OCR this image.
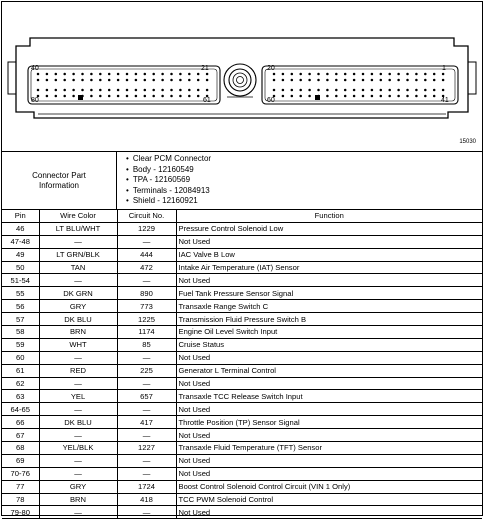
40	21
80	61
20	1
60	41
15030
Connector Part
Information
• Clear PCM Connector
• Body - 12160549
• TPA - 12160569
• Terminals - 12084913
• Shield - 12160921
Pin	Wire Color	Circuit No.	Function
46	LT BLU/WHT	1229	Pressure Control Solenoid Low
47-48	—	—	Not Used
49	LT GRN/BLK	444	IAC Valve B Low
50	TAN	472	Intake Air Temperature (IAT) Sensor
51-54	—	—	Not Used
55	DK GRN	890	Fuel Tank Pressure Sensor Signal
56	GRY	773	Transaxle Range Switch C
57	DK BLU	1225	Transmission Fluid Pressure Switch B
58	BRN	1174	Engine Oil Level Switch Input
59	WHT	85	Cruise Status
60	—	—	Not Used
61	RED	225	Generator L Terminal Control
62	—	—	Not Used
63	YEL	657	Transaxle TCC Release Switch Input
64-65	—	—	Not Used
66	DK BLU	417	Throttle Position (TP) Sensor Signal
67	—	—	Not Used
68	YEL/BLK	1227	Transaxle Fluid Temperature (TFT) Sensor
69	—	—	Not Used
70-76	—	—	Not Used
77	GRY	1724	Boost Control Solenoid Control Circuit (VIN 1 Only)
78	BRN	418	TCC PWM Solenoid Control
79-80	—	—	Not Used
